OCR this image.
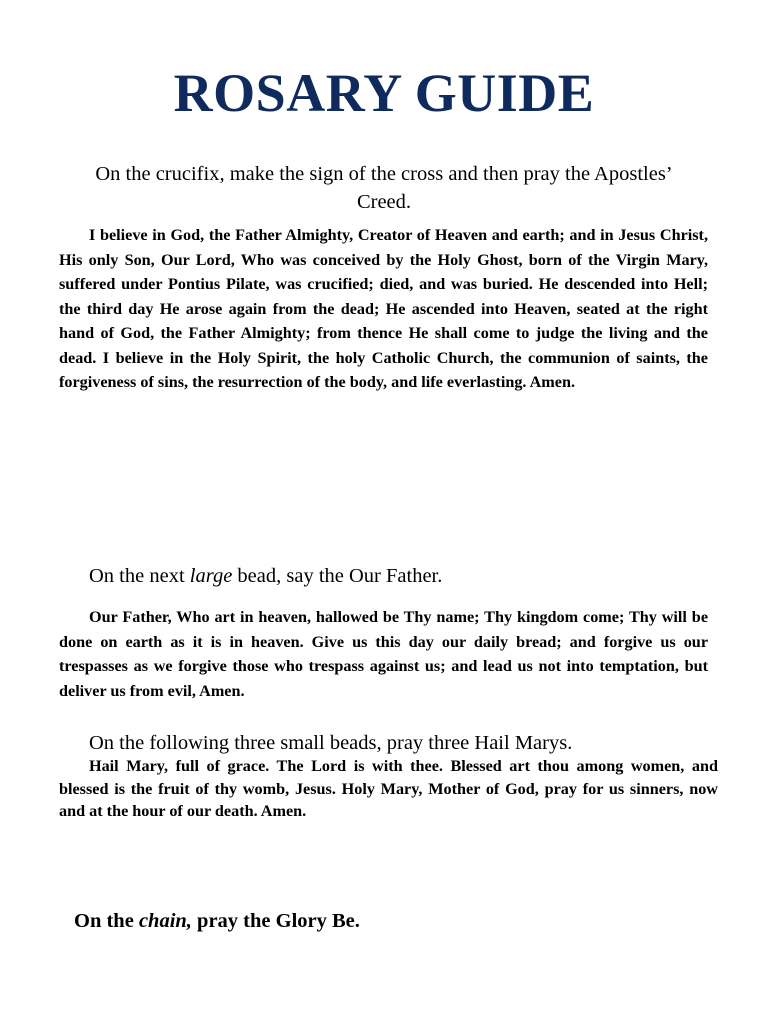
ROSARY GUIDE

On the crucifix, make the sign of the cross and then pray the Apostles’ Creed.

I believe in God, the Father Almighty, Creator of Heaven and earth; and in Jesus Christ, His only Son, Our Lord, Who was conceived by the Holy Ghost, born of the Virgin Mary, suffered under Pontius Pilate, was crucified; died, and was buried. He descended into Hell; the third day He arose again from the dead; He ascended into Heaven, seated at the right hand of God, the Father Almighty; from thence He shall come to judge the living and the dead. I believe in the Holy Spirit, the holy Catholic Church, the communion of saints, the forgiveness of sins, the resurrection of the body, and life everlasting. Amen.

On the next large bead, say the Our Father.

Our Father, Who art in heaven, hallowed be Thy name; Thy kingdom come; Thy will be done on earth as it is in heaven. Give us this day our daily bread; and forgive us our trespasses as we forgive those who trespass against us; and lead us not into temptation, but deliver us from evil, Amen.

On the following three small beads, pray three Hail Marys.

Hail Mary, full of grace. The Lord is with thee. Blessed art thou among women, and blessed is the fruit of thy womb, Jesus. Holy Mary, Mother of God, pray for us sinners, now and at the hour of our death. Amen.

On the chain, pray the Glory Be.
